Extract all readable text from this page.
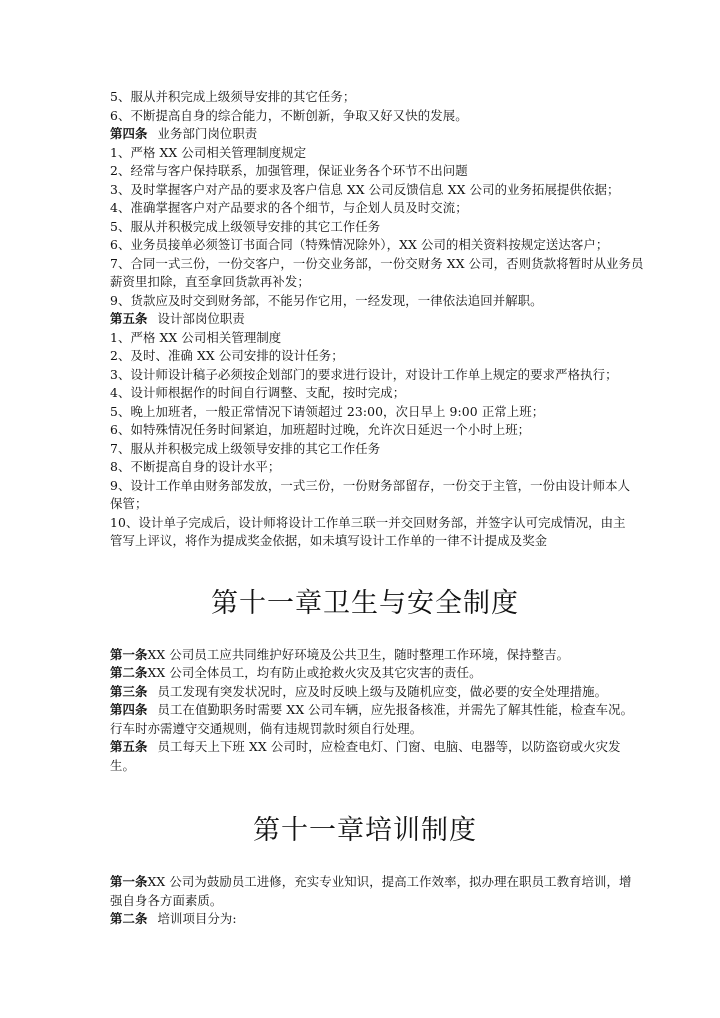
5、服从并积完成上级须导安排的其它任务；
6、不断提高自身的综合能力，不断创新，争取又好又快的发展。
第四条 业务部门岗位职责
1、严格 XX 公司相关管理制度规定
2、经常与客户保持联系，加强管理，保证业务各个环节不出问题
3、及时掌握客户对产品的要求及客户信息 XX 公司反馈信息 XX 公司的业务拓展提供依据；
4、准确掌握客户对产品要求的各个细节，与企划人员及时交流；
5、服从并积极完成上级领导安排的其它工作任务
6、业务员接单必须签订书面合同（特殊情况除外），XX 公司的相关资料按规定送达客户；
7、合同一式三份，一份交客户，一份交业务部，一份交财务 XX 公司，否则货款将暂时从业务员
薪资里扣除，直至拿回货款再补发；
9、货款应及时交到财务部，不能另作它用，一经发现，一律依法追回并解职。
第五条 设计部岗位职责
1、严格 XX 公司相关管理制度
2、及时、准确 XX 公司安排的设计任务；
3、设计师设计稿子必须按企划部门的要求进行设计，对设计工作单上规定的要求严格执行；
4、设计师根据作的时间自行调整、支配，按时完成；
5、晚上加班者，一般正常情况下请领超过 23:00，次日早上 9:00 正常上班；
6、如特殊情况任务时间紧迫，加班超时过晚，允许次日延迟一个小时上班；
7、服从并积极完成上级领导安排的其它工作任务
8、不断提高自身的设计水平；
9、设计工作单由财务部发放，一式三份，一份财务部留存，一份交于主管，一份由设计师本人
保管；
10、设计单子完成后，设计师将设计工作单三联一并交回财务部，并签字认可完成情况，由主
管写上评议，将作为提成奖金依据，如未填写设计工作单的一律不计提成及奖金
第十一章卫生与安全制度
第一条XX 公司员工应共同维护好环境及公共卫生，随时整理工作环境，保持整吉。
第二条XX 公司全体员工，均有防止或抢救火灾及其它灾害的责任。
第三条 员工发现有突发状况时，应及时反映上级与及随机应变，做必要的安全处理措施。
第四条 员工在值勤职务时需要 XX 公司车辆，应先报备核准，并需先了解其性能，检查车况。
行车时亦需遵守交通规则，倘有违规罚款时须自行处理。
第五条 员工每天上下班 XX 公司时，应检查电灯、门窗、电脑、电器等，以防盗窃或火灾发
生。
第十一章培训制度
第一条XX 公司为鼓励员工进修，充实专业知识，提高工作效率，拟办理在职员工教育培训，增
强自身各方面素质。
第二条 培训项目分为:
